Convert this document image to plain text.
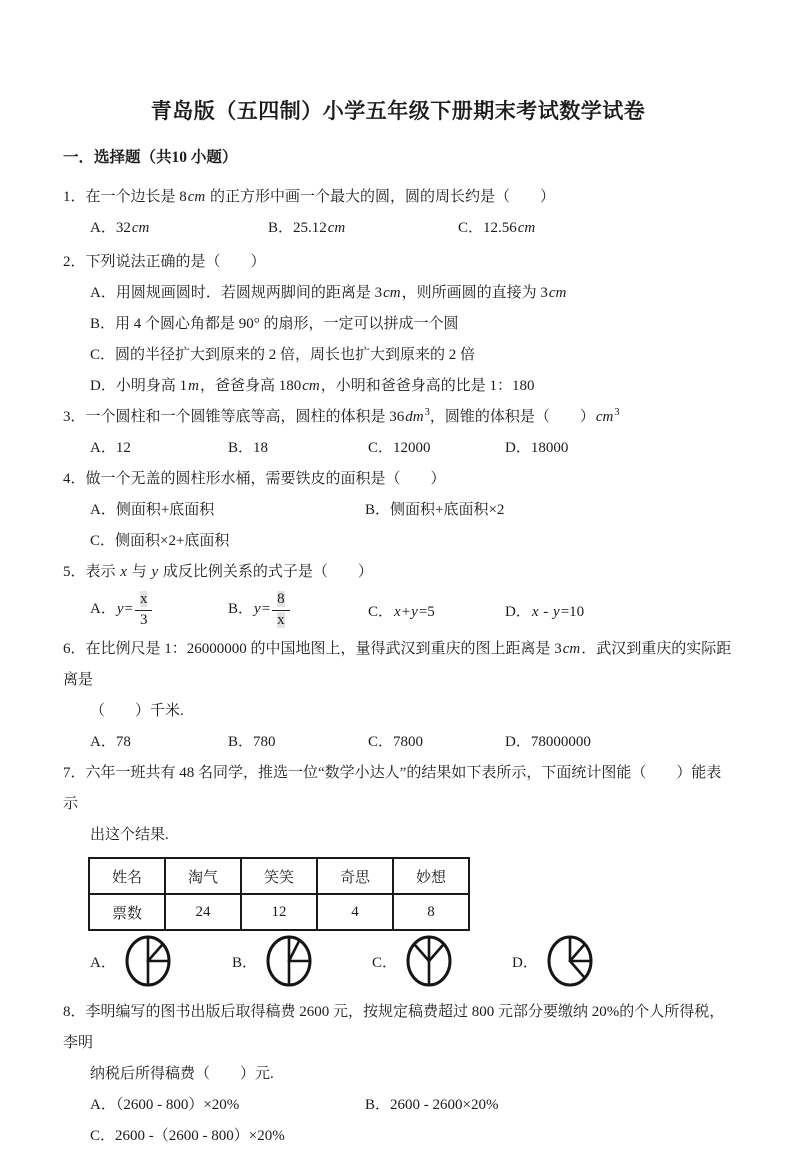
青岛版（五四制）小学五年级下册期末考试数学试卷
一．选择题（共10 小题）
1．在一个边长是 8cm 的正方形中画一个最大的圆，圆的周长约是（　　）
A．32cm	B．25.12cm	C．12.56cm
2．下列说法正确的是（　　）
A．用圆规画圆时．若圆规两脚间的距离是 3cm，则所画圆的直接为 3cm
B．用 4 个圆心角都是 90° 的扇形，一定可以拼成一个圆
C．圆的半径扩大到原来的 2 倍，周长也扩大到原来的 2 倍
D．小明身高 1m，爸爸身高 180cm，小明和爸爸身高的比是 1：180
3．一个圆柱和一个圆锥等底等高，圆柱的体积是 $36dm^3$，圆锥的体积是（　　）$cm^3$
A．12	B．18	C．12000	D．18000
4．做一个无盖的圆柱形水桶，需要铁皮的面积是（　　）
A．侧面积+底面积	B．侧面积+底面积×2
C．侧面积×2+底面积
5．表示 x 与 y 成反比例关系的式子是（　　）
A．$y= \frac{x}{3}$	B．$y= \frac{8}{x}$	C．x+y=5	D．x - y=10
6．在比例尺是 1：26000000 的中国地图上，量得武汉到重庆的图上距离是 3cm．武汉到重庆的实际距离是
（　　）千米.
A．78	B．780	C．7800	D．78000000
7．六年一班共有 48 名同学，推选一位“数学小达人”的结果如下表所示，下面统计图能（　　）能表示
出这个结果.
姓名	淘气	笑笑	奇思	妙想
票数	24	12	4	8
A．	B．	C．	D．
8．李明编写的图书出版后取得稿费 2600 元，按规定稿费超过 800 元部分要缴纳 20%的个人所得税，李明
纳税后所得稿费（　　）元.
A．（2600 - 800）×20%	B．2600 - 2600×20%
C．2600 -（2600 - 800）×20%
